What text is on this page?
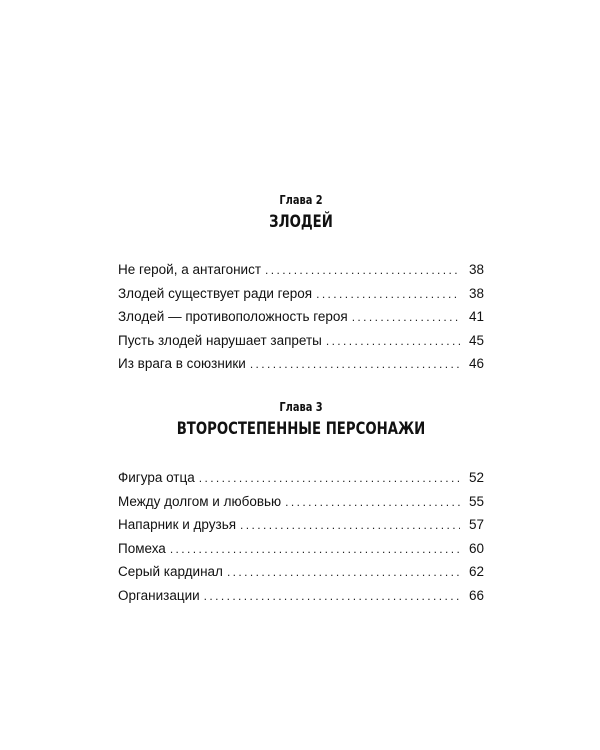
Глава 2
ЗЛОДЕЙ
Не герой, а антагонист .....	38
Злодей существует ради героя .....	38
Злодей — противоположность героя .....	41
Пусть злодей нарушает запреты .....	45
Из врага в союзники .....	46
Глава 3
ВТОРОСТЕПЕННЫЕ ПЕРСОНАЖИ
Фигура отца .....	52
Между долгом и любовью .....	55
Напарник и друзья .....	57
Помеха .....	60
Серый кардинал .....	62
Организации .....	66
